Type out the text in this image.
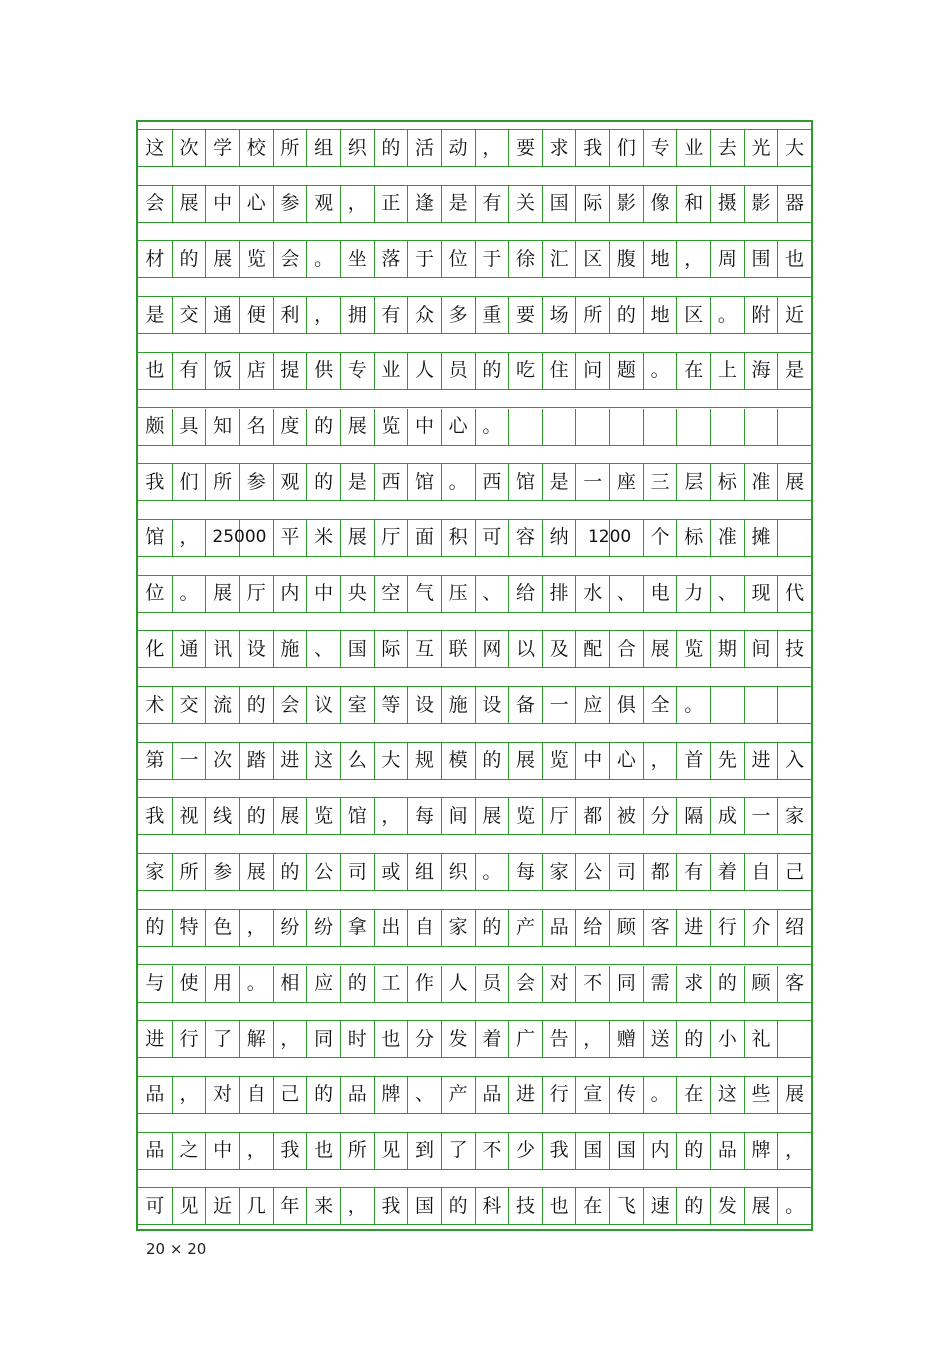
这 次 学 校 所 组 织 的 活 动 ， 要 求 我 们 专 业 去 光 大
会 展 中 心 参 观 ， 正 逢 是 有 关 国 际 影 像 和 摄 影 器
材 的 展 览 会 。 坐 落 于 位 于 徐 汇 区 腹 地 ， 周 围 也
是 交 通 便 利 ， 拥 有 众 多 重 要 场 所 的 地 区 。 附 近
也 有 饭 店 提 供 专 业 人 员 的 吃 住 问 题 。 在 上 海 是
颇 具 知 名 度 的 展 览 中 心 。
我 们 所 参 观 的 是 西 馆 。 西 馆 是 一 座 三 层 标 准 展
馆 ， 25000 平 米 展 厅 面 积 可 容 纳	1200	个 标 准 摊
位 。 展 厅 内 中 央 空 气 压 、 给 排 水 、 电 力 、 现 代
化 通 讯 设 施 、 国 际 互 联 网 以 及 配 合 展 览 期 间 技
术 交 流 的 会 议 室 等 设 施 设 备 一 应 俱 全 。
第 一 次 踏 进 这 么 大 规 模 的 展 览 中 心 ， 首 先 进 入
我 视 线 的 展 览 馆 ， 每 间 展 览 厅 都 被 分 隔 成 一 家
家 所 参 展 的 公 司 或 组 织 。 每 家 公 司 都 有 着 自 己
的 特 色 ， 纷 纷 拿 出 自 家 的 产 品 给 顾 客 进 行 介 绍
与 使 用 。 相 应 的 工 作 人 员 会 对 不 同 需 求 的 顾 客
进 行 了 解 ， 同 时 也 分 发 着 广 告 ， 赠 送 的 小 礼
品 ， 对 自 己 的 品 牌 、 产 品 进 行 宣 传 。 在 这 些 展
品 之 中 ， 我 也 所 见 到 了 不 少 我 国 国 内 的 品 牌 ，
可 见 近 几 年 来 ， 我 国 的 科 技 也 在 飞 速 的 发 展 。
20 × 20
